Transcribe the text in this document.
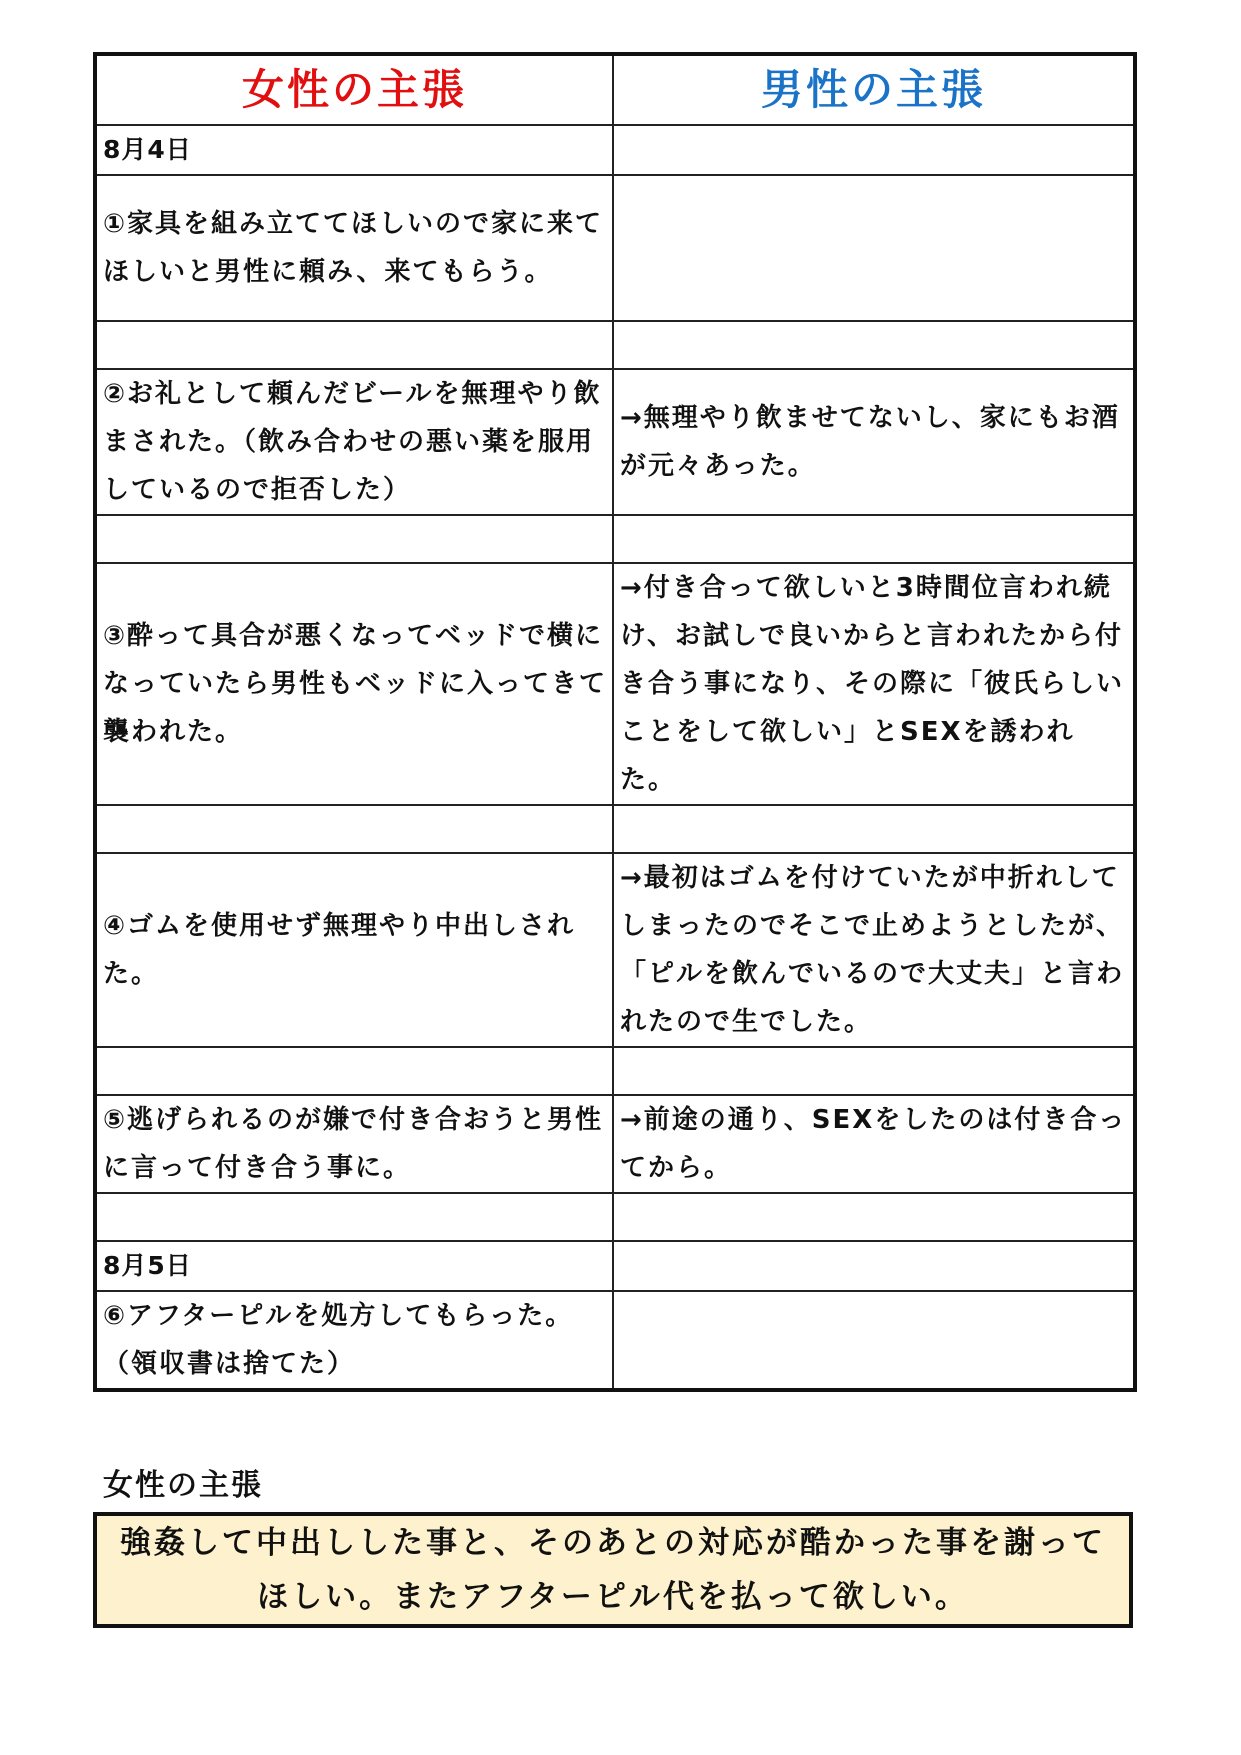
女性の主張	男性の主張
8月4日	
①家具を組み立ててほしいので家に来てほしいと男性に頼み、来てもらう。	

②お礼として頼んだビールを無理やり飲まされた。（飲み合わせの悪い薬を服用しているので拒否した）	→無理やり飲ませてないし、家にもお酒が元々あった。

③酔って具合が悪くなってベッドで横になっていたら男性もベッドに入ってきて襲われた。	→付き合って欲しいと3時間位言われ続け、お試しで良いからと言われたから付き合う事になり、その際に「彼氏らしいことをして欲しい」とSEXを誘われた。

④ゴムを使用せず無理やり中出しされた。	→最初はゴムを付けていたが中折れしてしまったのでそこで止めようとしたが、「ピルを飲んでいるので大丈夫」と言われたので生でした。

⑤逃げられるのが嫌で付き合おうと男性に言って付き合う事に。	→前途の通り、SEXをしたのは付き合ってから。

8月5日	
⑥アフターピルを処方してもらった。（領収書は捨てた）	
女性の主張
強姦して中出しした事と、そのあとの対応が酷かった事を謝ってほしい。またアフターピル代を払って欲しい。
